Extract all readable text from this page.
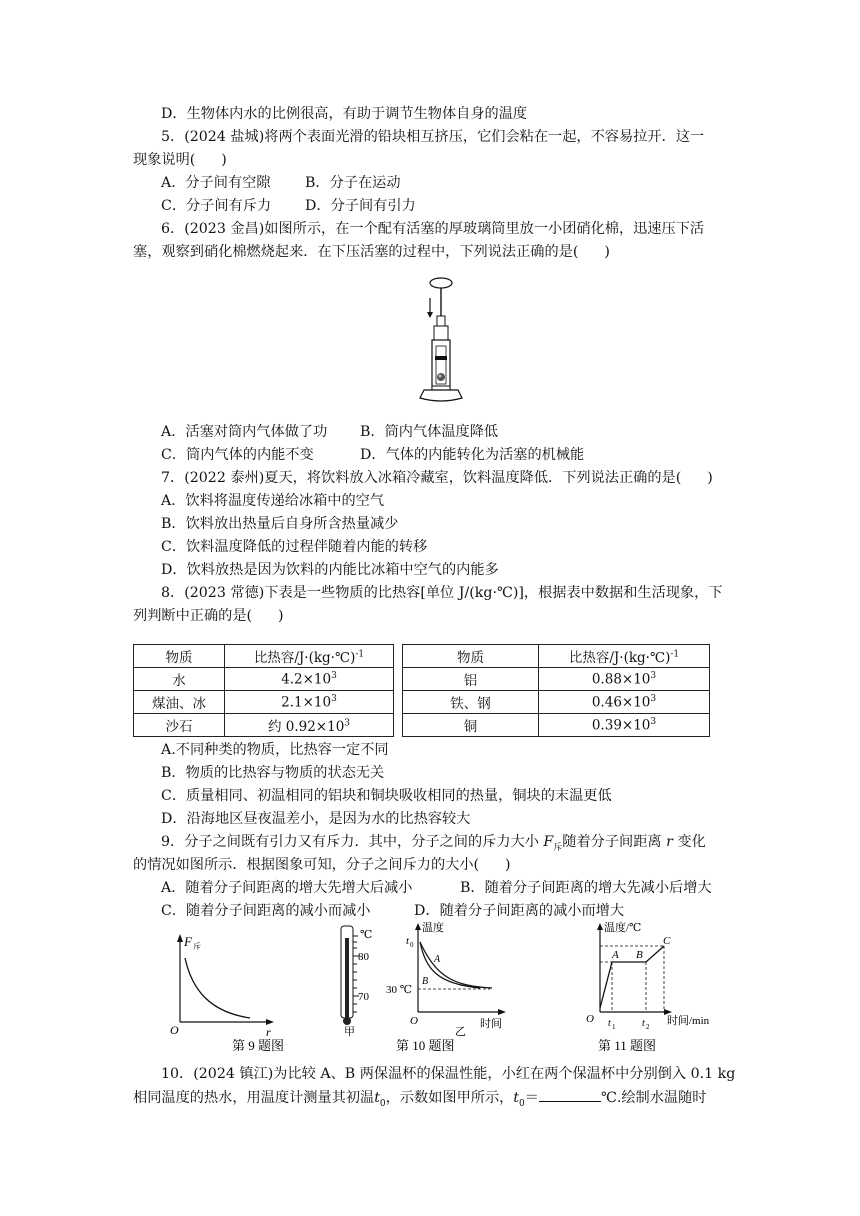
D．生物体内水的比例很高，有助于调节生物体自身的温度
5．(2024 盐城)将两个表面光滑的铅块相互挤压，它们会粘在一起，不容易拉开．这一
现象说明( )
A．分子间有空隙 B．分子在运动
C．分子间有斥力 D．分子间有引力
6．(2023 金昌)如图所示，在一个配有活塞的厚玻璃筒里放一小团硝化棉，迅速压下活
塞，观察到硝化棉燃烧起来．在下压活塞的过程中，下列说法正确的是( )
A．活塞对筒内气体做了功 B．筒内气体温度降低
C．筒内气体的内能不变	D．气体的内能转化为活塞的机械能
7．(2022 泰州)夏天，将饮料放入冰箱冷藏室，饮料温度降低．下列说法正确的是( )
A．饮料将温度传递给冰箱中的空气
B．饮料放出热量后自身所含热量减少
C．饮料温度降低的过程伴随着内能的转移
D．饮料放热是因为饮料的内能比冰箱中空气的内能多
8．(2023 常德)下表是一些物质的比热容[单位 J/(kg·℃)]，根据表中数据和生活现象，下
列判断中正确的是( )
物质	比热容/J·(kg·℃)$^{-1}$		物质	比热容/J·(kg·℃)$^{-1}$
水	$4.2\times 10^3$		铝	$0.88\times 10^3$
煤油、冰	$2.1\times 10^3$		铁、钢	$0.46\times 10^3$
沙石	约 $0.92\times 10^3$		铜	$0.39\times 10^3$
A.不同种类的物质，比热容一定不同
B．物质的比热容与物质的状态无关
C．质量相同、初温相同的铝块和铜块吸收相同的热量，铜块的末温更低
D．沿海地区昼夜温差小，是因为水的比热容较大
9．分子之间既有引力又有斥力．其中，分子之间的斥力大小 $F_斥$随着分子间距离 r 变化
的情况如图所示．根据图象可知，分子之间斥力的大小( )
A．随着分子间距离的增大先增大后减小	B．随着分子间距离的增大先减小后增大
C．随着分子间距离的减小而减小	D．随着分子间距离的减小而增大
F 斥
O	r
第 9 题图
℃
80
70
甲
温度
t 0
A
B
30 ℃
O	时间
乙
第 10 题图
温度/℃
A B
C
O t 1	t 2 时间/min
第 11 题图
10．(2024 镇江)为比较 A、B 两保温杯的保温性能，小红在两个保温杯中分别倒入 0.1 kg
相同温度的热水，用温度计测量其初温$t_0$，示数如图甲所示，$t_0=$	℃.绘制水温随时
